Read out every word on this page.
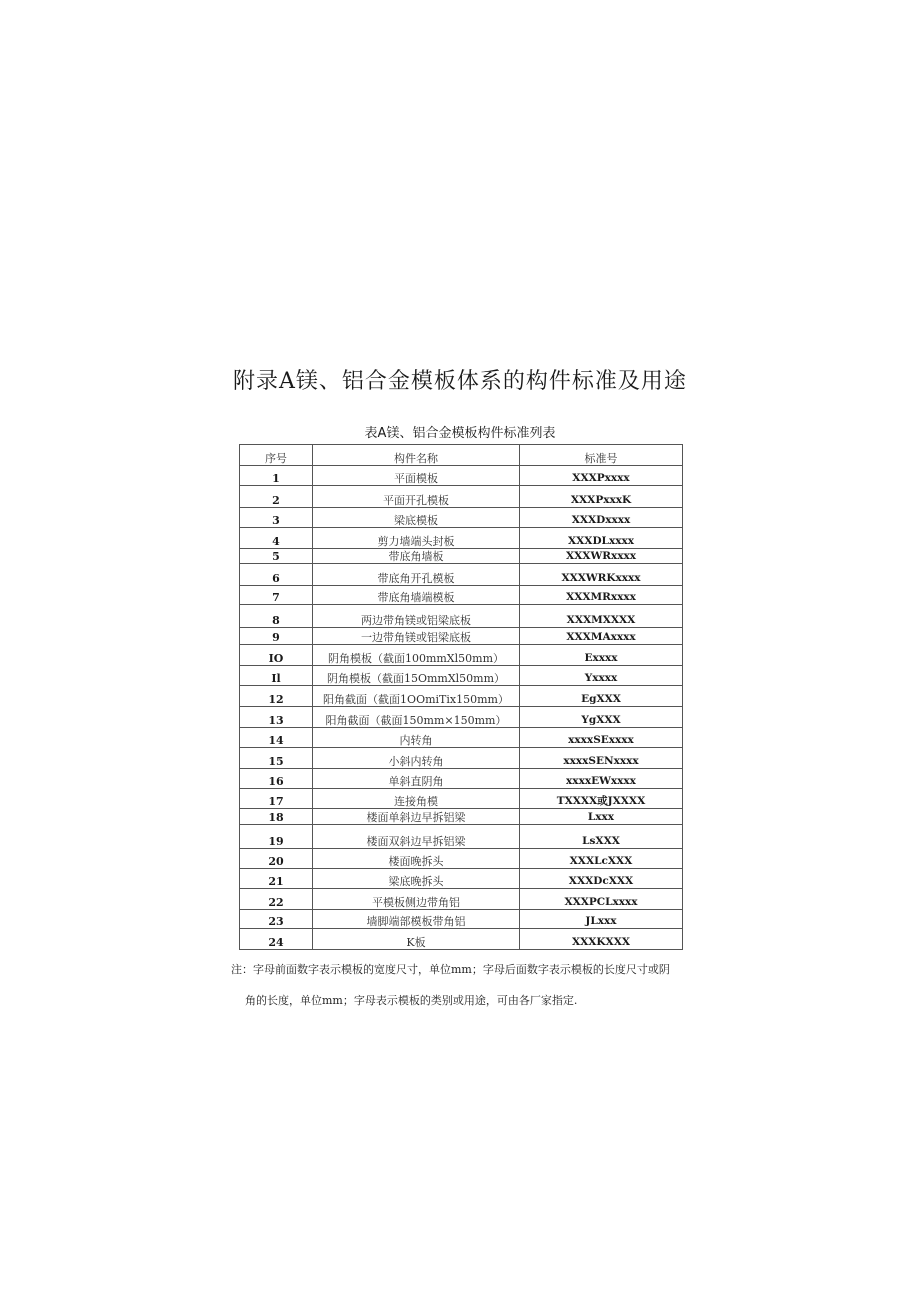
附录A镁、铝合金模板体系的构件标准及用途
表A镁、铝合金模板构件标准列表
序号	构件名称	标准号
1	平面模板	XXXPxxxx
2	平面开孔模板	XXXPxxxK
3	梁底模板	XXXDxxxx
4	剪力墙端头封板	XXXDLxxxx
5	带底角墙板	XXXWRxxxx
6	带底角开孔模板	XXXWRKxxxx
7	带底角墙端模板	XXXMRxxxx
8	两边带角镁或铝梁底板	XXXMXXXX
9	一边带角镁或铝梁底板	XXXMAxxxx
IO	阴角模板（截面100mmXl50mm）	Exxxx
Il	阴角模板（截面15OmmXl50mm）	Yxxxx
12	阳角截面（截面1OOmiTix150mm）	EgXXX
13	阳角截面（截面150mm×150mm）	YgXXX
14	内转角	xxxxSExxxx
15	小斜内转角	xxxxSENxxxx
16	单斜直阴角	xxxxEWxxxx
17	连接角模	TXXXX或JXXXX
18	楼面单斜边早拆铝梁	Lxxx
19	楼面双斜边早拆铝梁	LsXXX
20	楼面晚拆头	XXXLcXXX
21	梁底晚拆头	XXXDcXXX
22	平模板侧边带角铝	XXXPCLxxxx
23	墙脚端部模板带角铝	JLxxx
24	K板	XXXKXXX
注：字母前面数字表示模板的宽度尺寸，单位mm；字母后面数字表示模板的长度尺寸或阴
角的长度，单位mm；字母表示模板的类别或用途，可由各厂家指定.
